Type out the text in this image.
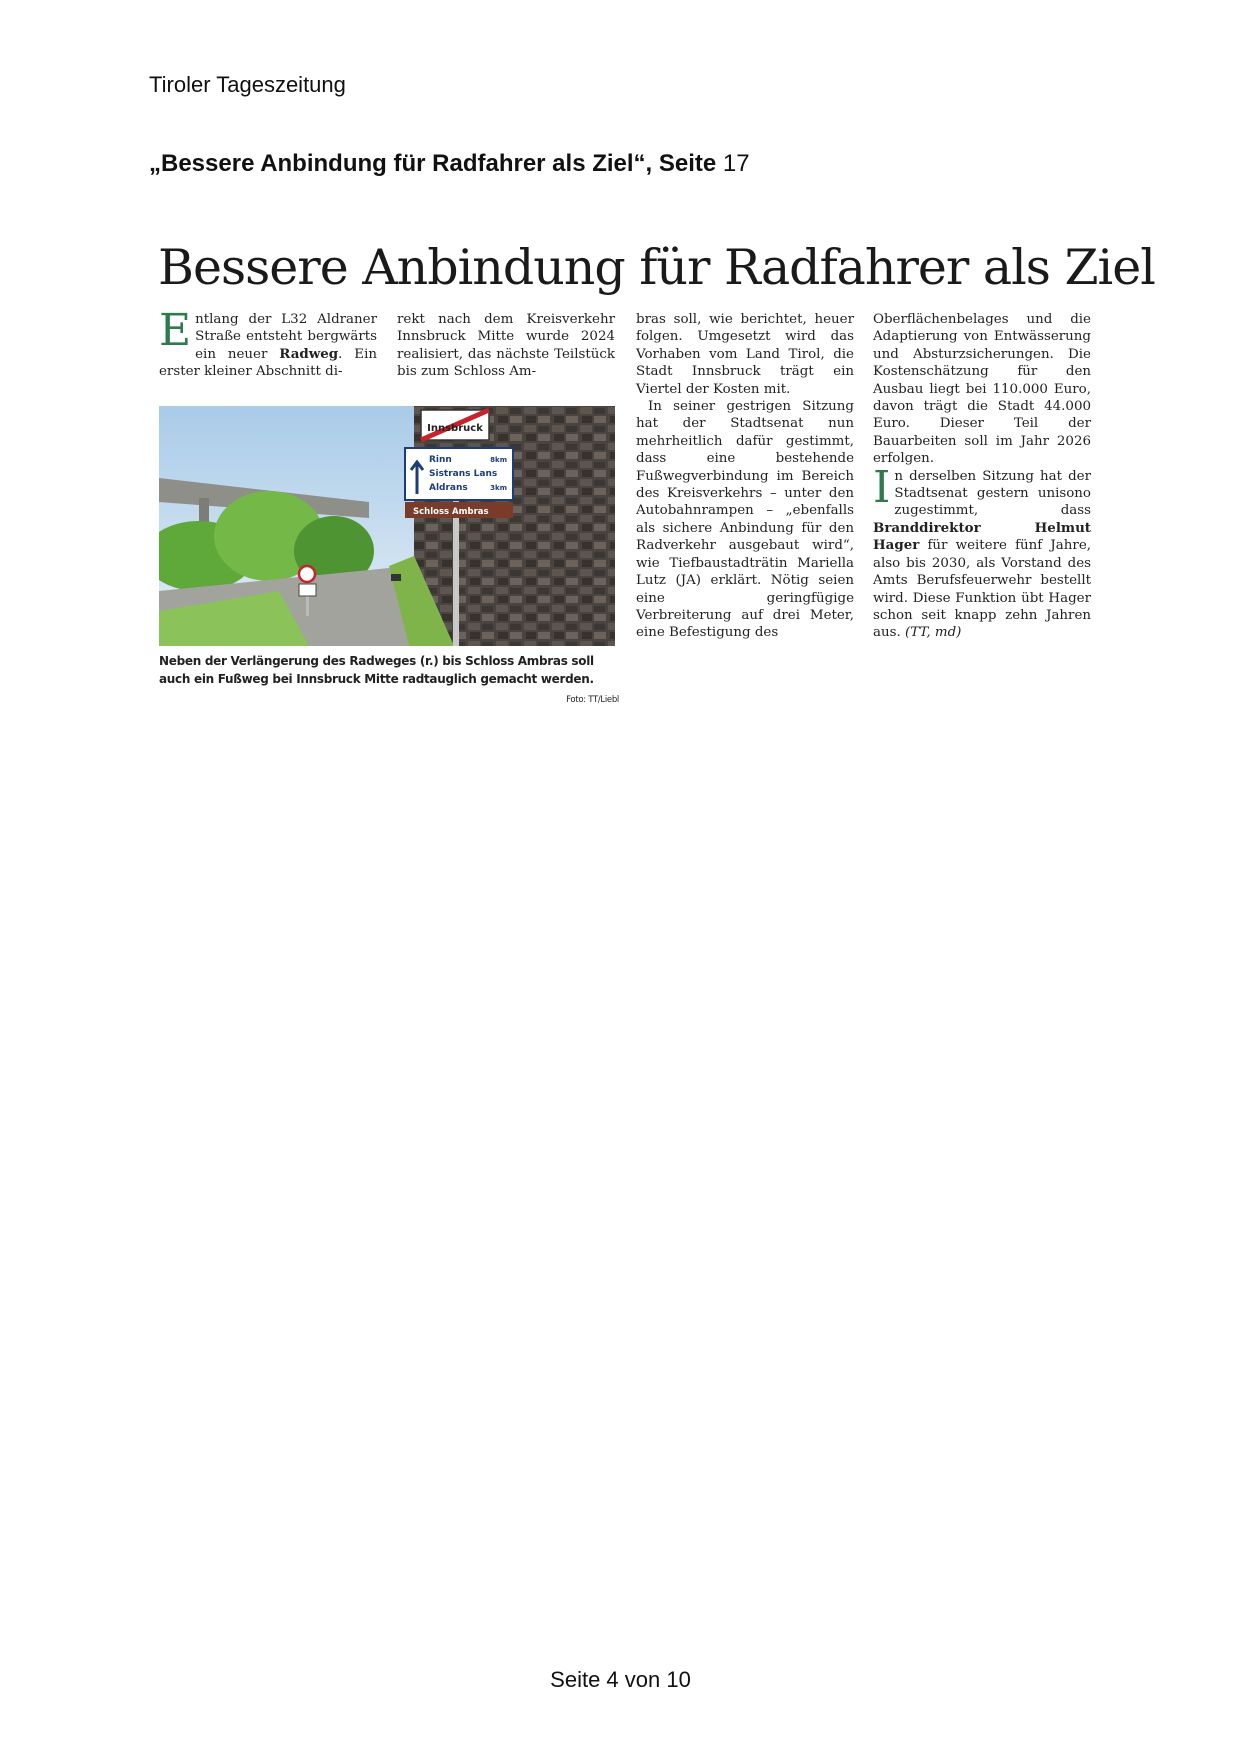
Tiroler Tageszeitung
„Bessere Anbindung für Radfahrer als Ziel“, Seite 17
Bessere Anbindung für Radfahrer als Ziel

Entlang der L32 Aldraner Straße entsteht bergwärts ein neuer Radweg. Ein erster kleiner Abschnitt di-

rekt nach dem Kreisverkehr Innsbruck Mitte wurde 2024 realisiert, das nächste Teilstück bis zum Schloss Am-

Innsbruck
Rinn	8km
Sistrans Lans
Aldrans	3km
Schloss Ambras
Neben der Verlängerung des Radweges (r.) bis Schloss Ambras soll auch ein Fußweg bei Innsbruck Mitte radtauglich gemacht werden.
Foto: TT/Liebl

bras soll, wie berichtet, heuer folgen. Umgesetzt wird das Vorhaben vom Land Tirol, die Stadt Innsbruck trägt ein Viertel der Kosten mit.

In seiner gestrigen Sitzung hat der Stadtsenat nun mehrheitlich dafür gestimmt, dass eine bestehende Fußwegverbindung im Bereich des Kreisverkehrs – unter den Autobahnrampen – „ebenfalls als sichere Anbindung für den Radverkehr ausgebaut wird“, wie Tiefbaustadträtin Mariella Lutz (JA) erklärt. Nötig seien eine geringfügige Verbreiterung auf drei Meter, eine Befestigung des

Oberflächenbelages und die Adaptierung von Entwässerung und Absturzsicherungen. Die Kostenschätzung für den Ausbau liegt bei 110.000 Euro, davon trägt die Stadt 44.000 Euro. Dieser Teil der Bauarbeiten soll im Jahr 2026 erfolgen.

In derselben Sitzung hat der Stadtsenat gestern unisono zugestimmt, dass Branddirektor Helmut Hager für weitere fünf Jahre, also bis 2030, als Vorstand des Amts Berufsfeuerwehr bestellt wird. Diese Funktion übt Hager schon seit knapp zehn Jahren aus. (TT, md)

Seite 4 von 10
